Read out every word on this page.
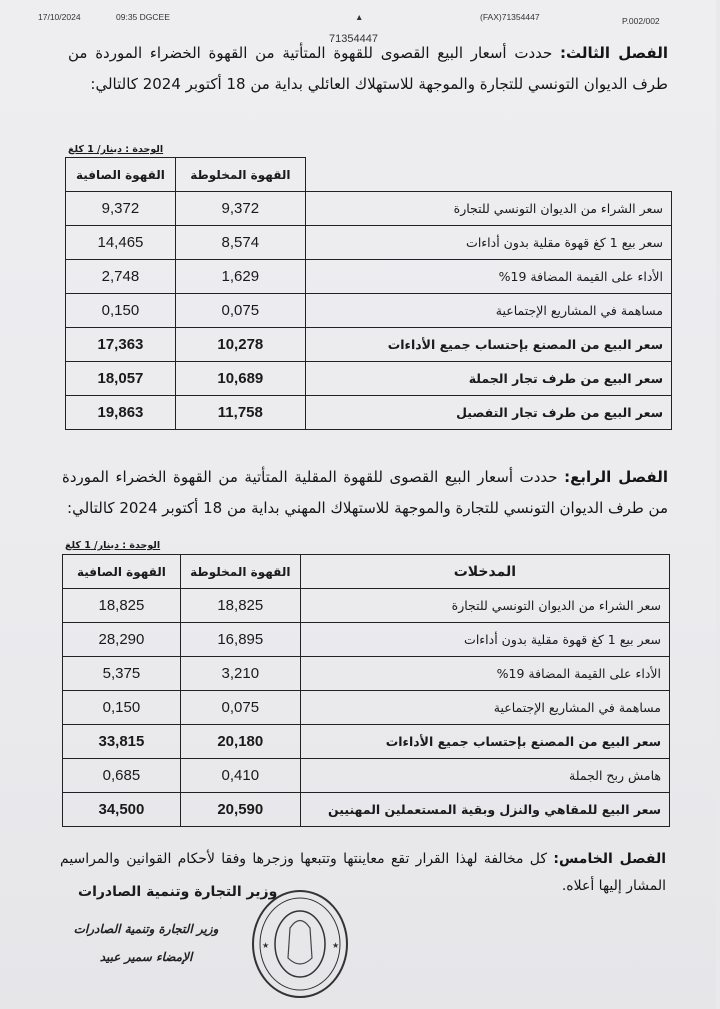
17/10/2024	09:35 DGCEE	▲	(FAX)71354447	P.002/002
71354447
الفصل الثالث: حددت أسعار البيع القصوى للقهوة المتأتية من القهوة الخضراء الموردة من طرف الديوان التونسي للتجارة والموجهة للاستهلاك العائلي بداية من 18 أكتوبر 2024 كالتالي:
الوحدة : دينار/ 1 كلغ
	القهوة المخلوطة	القهوة الصافية
سعر الشراء من الديوان التونسي للتجارة	9,372	9,372
سعر بيع 1 كغ قهوة مقلية بدون أداءات	8,574	14,465
الأداء على القيمة المضافة 19%	1,629	2,748
مساهمة في المشاريع الإجتماعية	0,075	0,150
سعر البيع من المصنع بإحتساب جميع الأداءات	10,278	17,363
سعر البيع من طرف تجار الجملة	10,689	18,057
سعر البيع من طرف تجار التفصيل	11,758	19,863
الفصل الرابع: حددت أسعار البيع القصوى للقهوة المقلية المتأتية من القهوة الخضراء الموردة من طرف الديوان التونسي للتجارة والموجهة للاستهلاك المهني بداية من 18 أكتوبر 2024 كالتالي:
الوحدة : دينار/ 1 كلغ
المدخلات	القهوة المخلوطة	القهوة الصافية
سعر الشراء من الديوان التونسي للتجارة	18,825	18,825
سعر بيع 1 كغ قهوة مقلية بدون أداءات	16,895	28,290
الأداء على القيمة المضافة 19%	3,210	5,375
مساهمة في المشاريع الإجتماعية	0,075	0,150
سعر البيع من المصنع بإحتساب جميع الأداءات	20,180	33,815
هامش ربح الجملة	0,410	0,685
سعر البيع للمقاهي والنزل وبقية المستعملين المهنيين	20,590	34,500
الفصل الخامس: كل مخالفة لهذا القرار تقع معاينتها وتتبعها وزجرها وفقا لأحكام القوانين والمراسيم المشار إليها أعلاه.
وزير التجارة وتنمية الصادرات
وزير التجارة وتنمية الصادرات الإمضاء سمير عبيد
★	★
